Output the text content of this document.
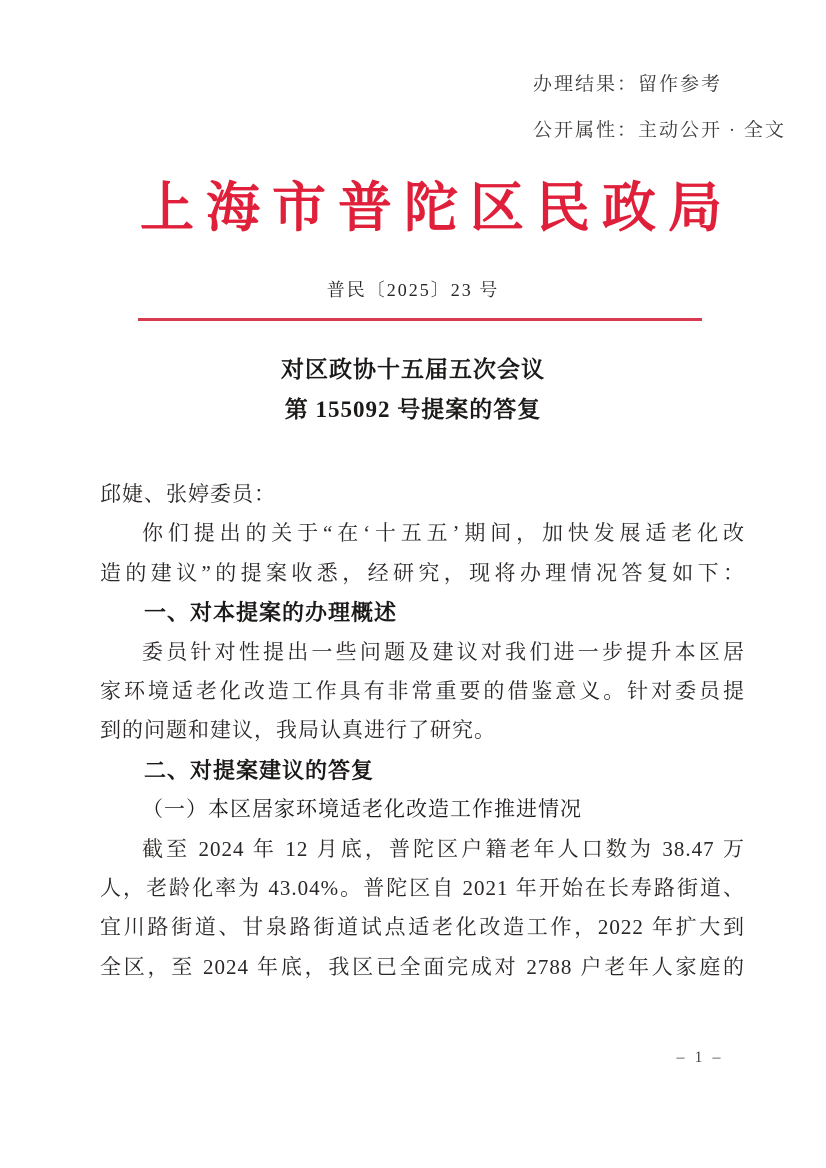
办理结果：留作参考
公开属性：主动公开 · 全文
上海市普陀区民政局
普民〔2025〕23 号
对区政协十五届五次会议
第 155092 号提案的答复
邱婕、张婷委员：
你们提出的关于“在‘十五五’期间，加快发展适老化改
造的建议”的提案收悉，经研究，现将办理情况答复如下：
一、对本提案的办理概述
委员针对性提出一些问题及建议对我们进一步提升本区居
家环境适老化改造工作具有非常重要的借鉴意义。针对委员提
到的问题和建议，我局认真进行了研究。
二、对提案建议的答复
（一）本区居家环境适老化改造工作推进情况
截至 2024 年 12 月底，普陀区户籍老年人口数为 38.47 万
人，老龄化率为 43.04%。普陀区自 2021 年开始在长寿路街道、
宜川路街道、甘泉路街道试点适老化改造工作，2022 年扩大到
全区，至 2024 年底，我区已全面完成对 2788 户老年人家庭的
– 1 –
